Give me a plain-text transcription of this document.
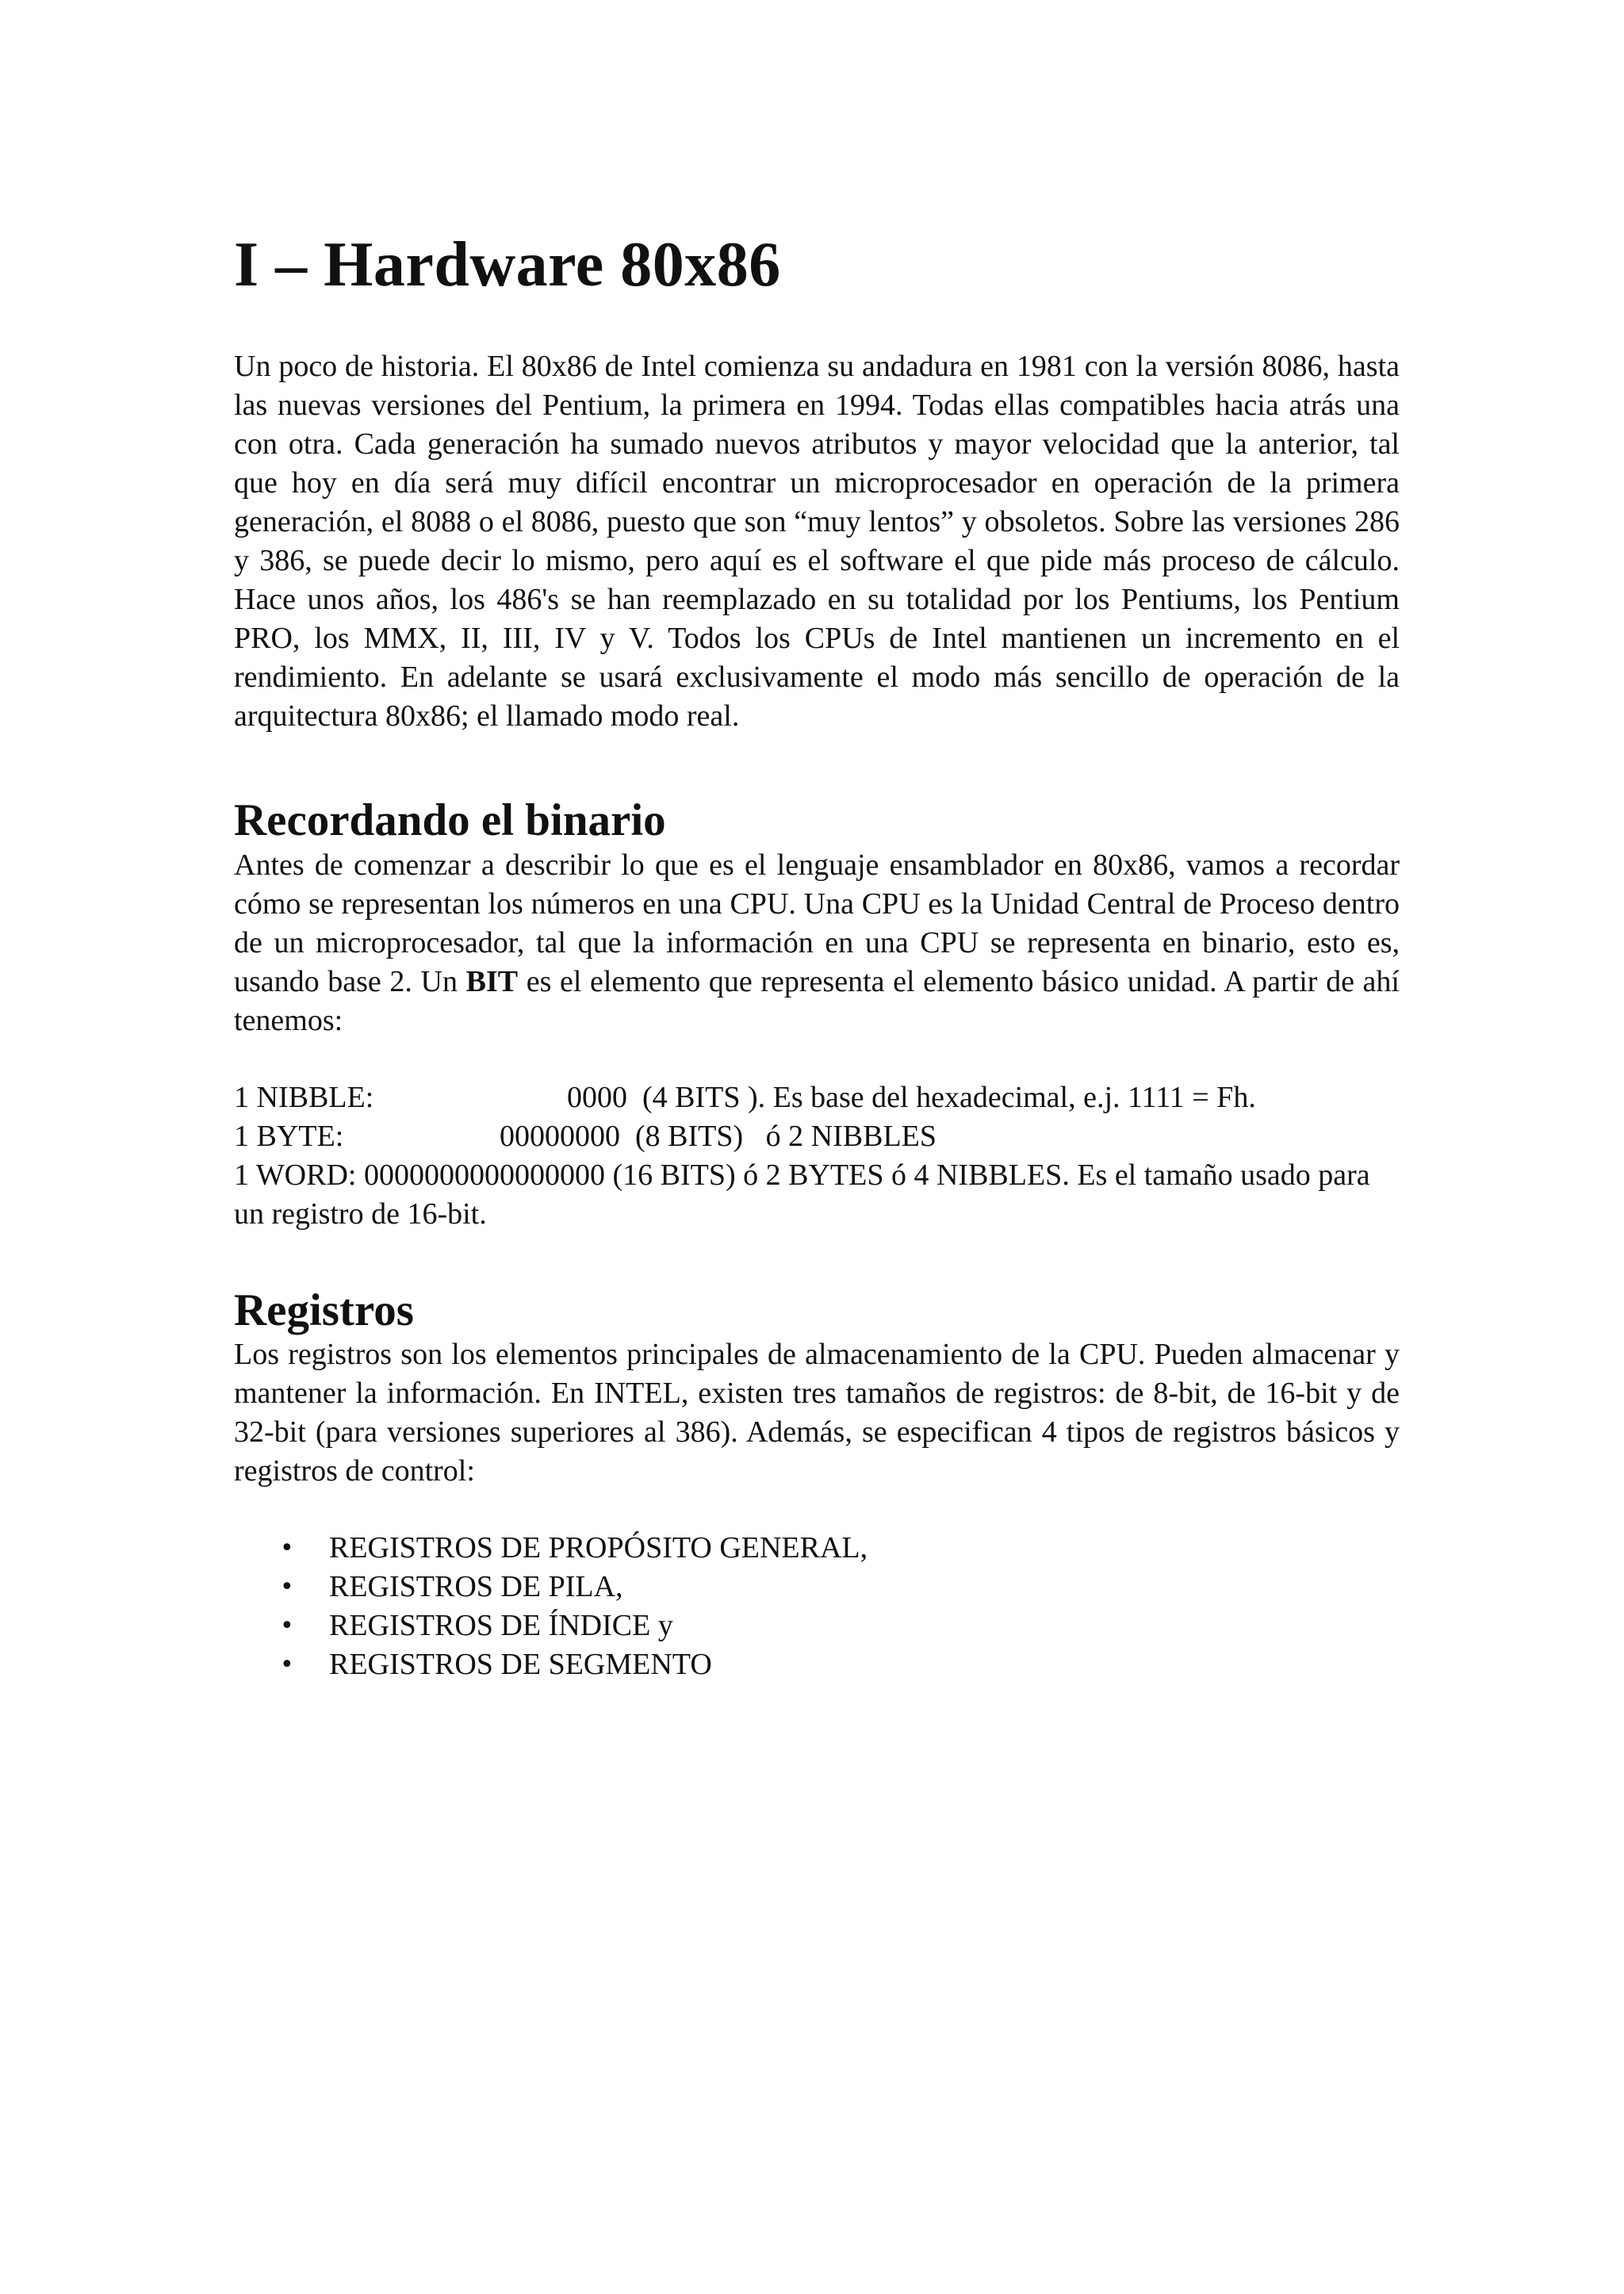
I – Hardware 80x86

Un poco de historia. El 80x86 de Intel comienza su andadura en 1981 con la versión 8086, hasta las nuevas versiones del Pentium, la primera en 1994. Todas ellas compatibles hacia atrás una con otra. Cada generación ha sumado nuevos atributos y mayor velocidad que la anterior, tal que hoy en día será muy difícil encontrar un microprocesador en operación de la primera generación, el 8088 o el 8086, puesto que son “muy lentos” y obsoletos. Sobre las versiones 286 y 386, se puede decir lo mismo, pero aquí es el software el que pide más proceso de cálculo. Hace unos años, los 486's se han reemplazado en su totalidad por los Pentiums, los Pentium PRO, los MMX, II, III, IV y V. Todos los CPUs de Intel mantienen un incremento en el rendimiento. En adelante se usará exclusivamente el modo más sencillo de operación de la arquitectura 80x86; el llamado modo real.

Recordando el binario

Antes de comenzar a describir lo que es el lenguaje ensamblador en 80x86, vamos a recordar cómo se representan los números en una CPU. Una CPU es la Unidad Central de Proceso dentro de un microprocesador, tal que la información en una CPU se representa en binario, esto es, usando base 2. Un BIT es el elemento que representa el elemento básico unidad. A partir de ahí tenemos:

1 NIBBLE:	0000  (4 BITS ). Es base del hexadecimal, e.j. 1111 = Fh.
1 BYTE:	00000000  (8 BITS)   ó 2 NIBBLES
1 WORD: 0000000000000000 (16 BITS) ó 2 BYTES ó 4 NIBBLES. Es el tamaño usado para un registro de 16-bit.
Registros

Los registros son los elementos principales de almacenamiento de la CPU. Pueden almacenar y mantener la información. En INTEL, existen tres tamaños de registros: de 8-bit, de 16-bit y de 32-bit (para versiones superiores al 386). Además, se especifican 4 tipos de registros básicos y registros de control:

• REGISTROS DE PROPÓSITO GENERAL,
• REGISTROS DE PILA,
• REGISTROS DE ÍNDICE y
• REGISTROS DE SEGMENTO
